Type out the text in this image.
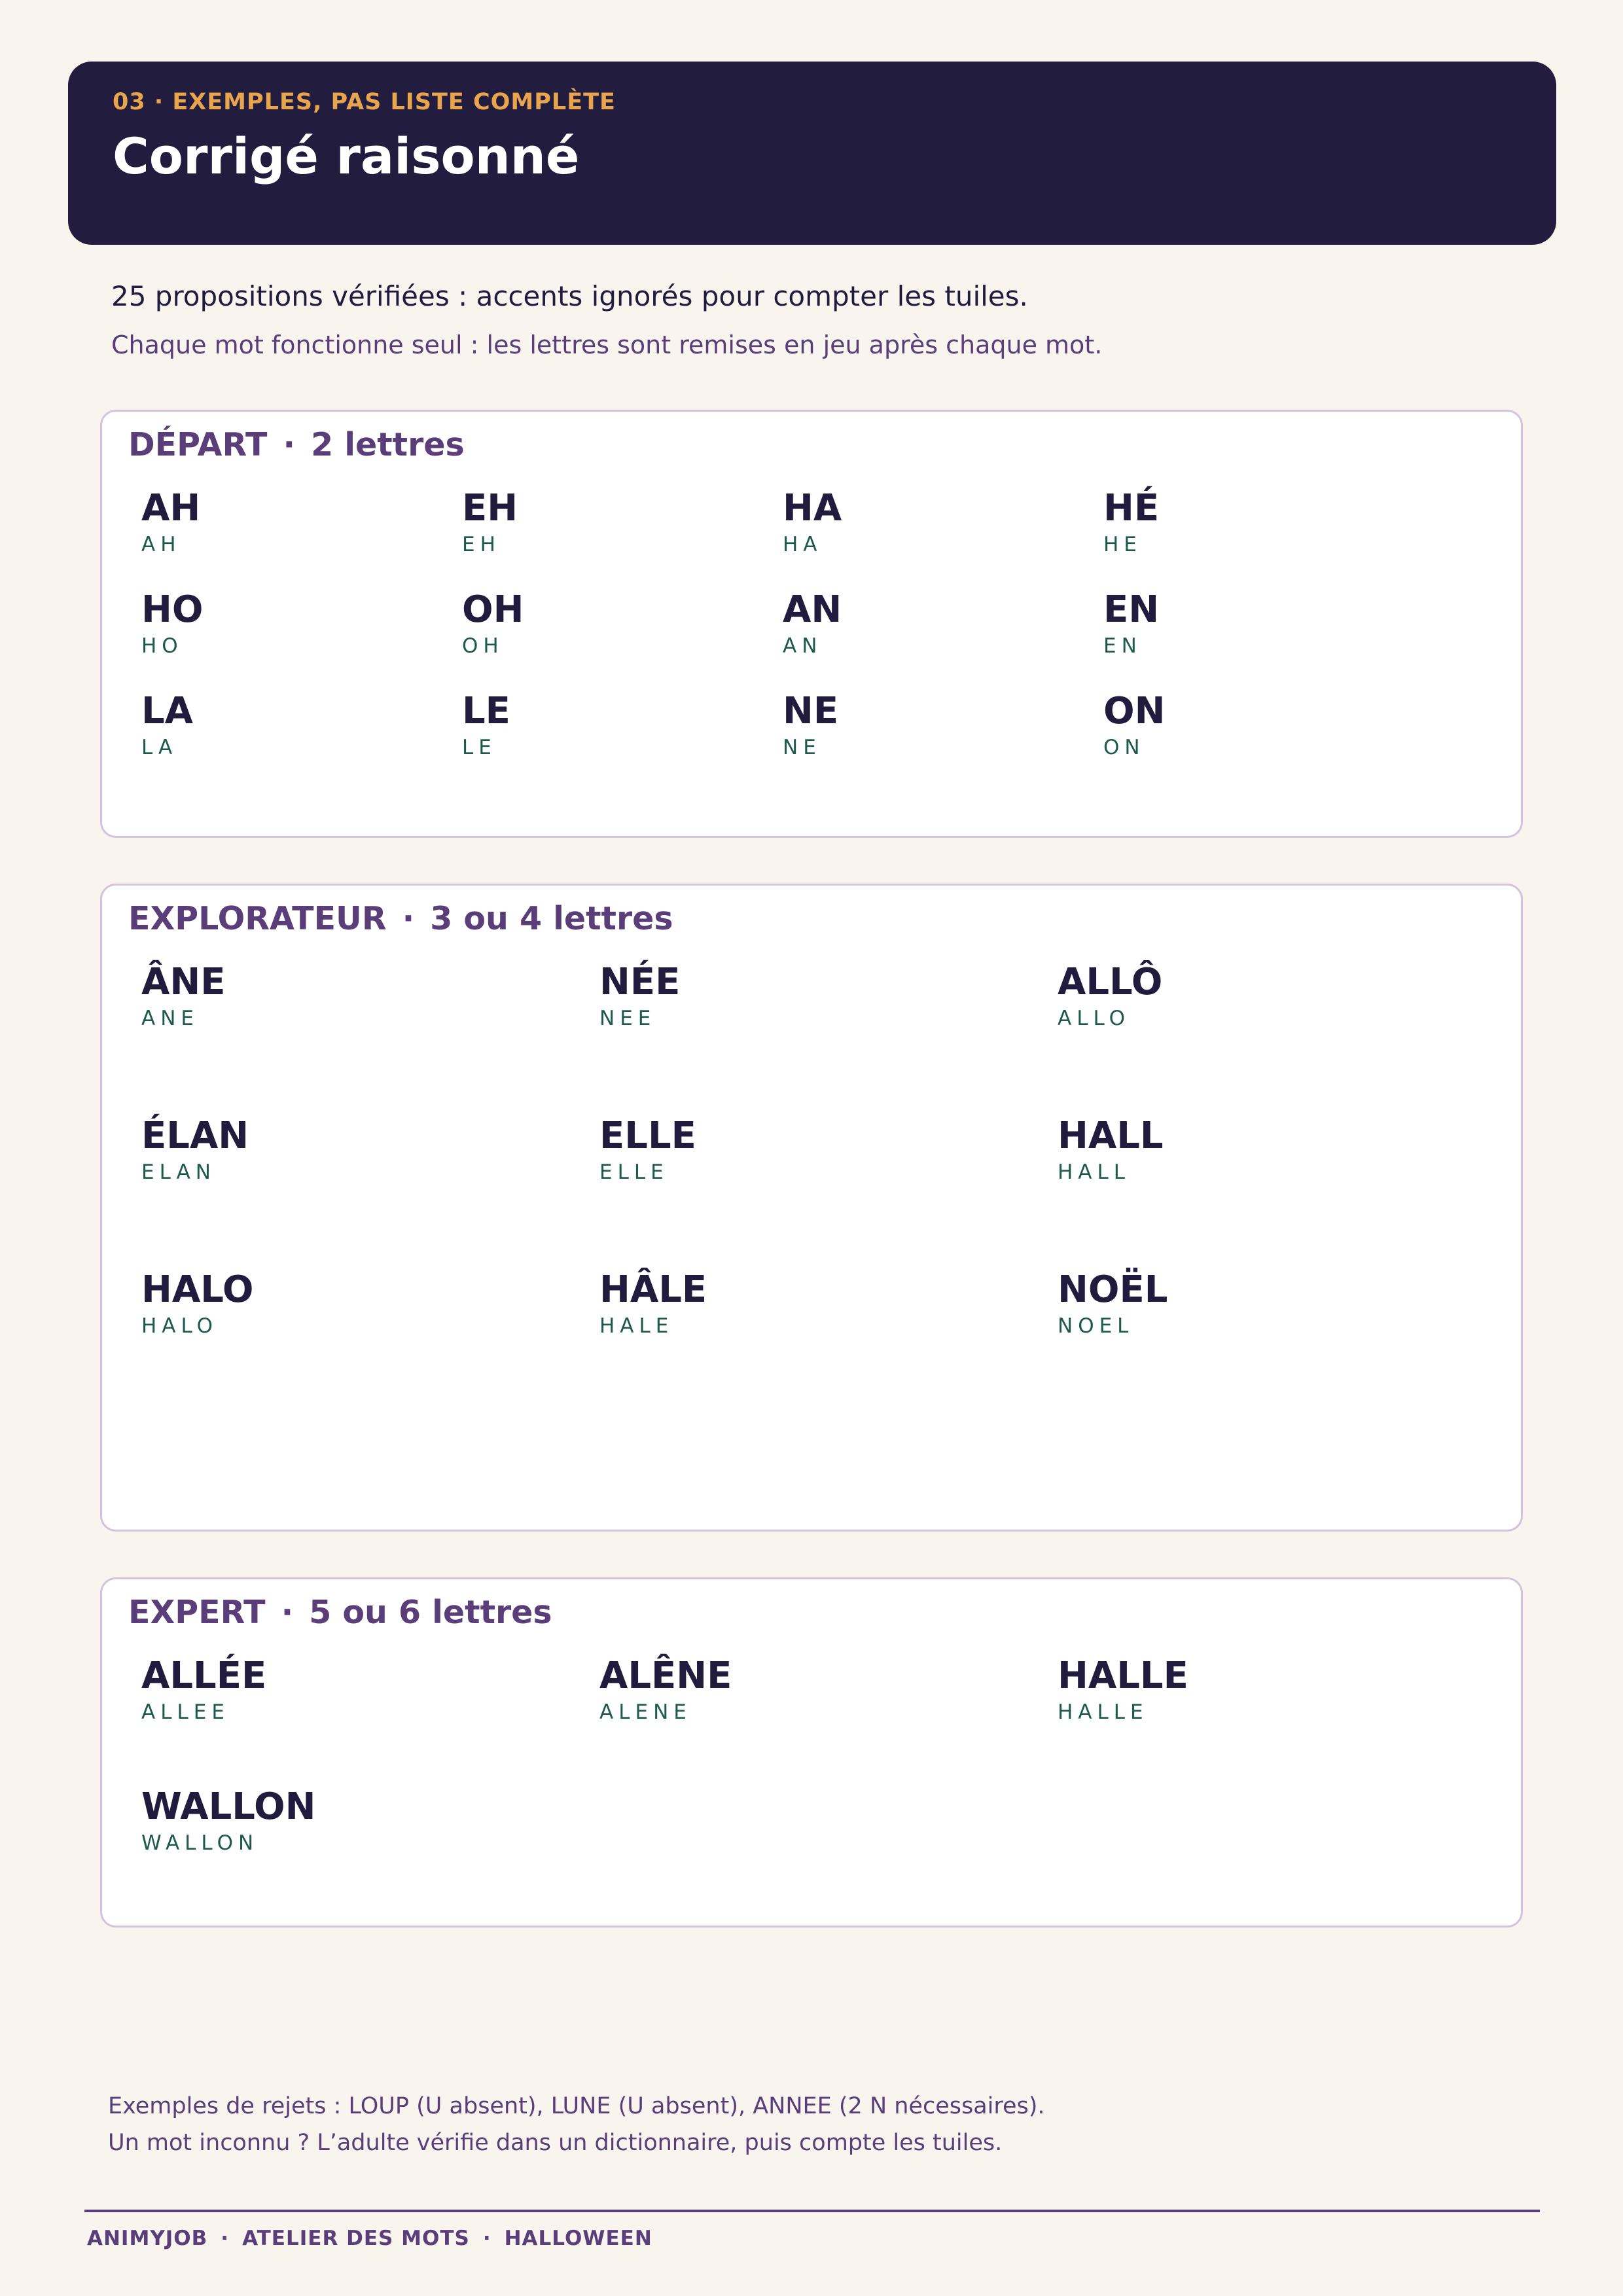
03 · EXEMPLES, PAS LISTE COMPLÈTE
Corrigé raisonné
25 propositions vérifiées : accents ignorés pour compter les tuiles.
Chaque mot fonctionne seul : les lettres sont remises en jeu après chaque mot.
DÉPART · 2 lettres
AH
AH
EH
EH
HA
HA
HÉ
HE
HO
HO
OH
OH
AN
AN
EN
EN
LA
LA
LE
LE
NE
NE
ON
ON
EXPLORATEUR · 3 ou 4 lettres
ÂNE
ANE
NÉE
NEE
ALLÔ
ALLO
ÉLAN
ELAN
ELLE
ELLE
HALL
HALL
HALO
HALO
HÂLE
HALE
NOËL
NOEL
EXPERT · 5 ou 6 lettres
ALLÉE
ALLEE
ALÊNE
ALENE
HALLE
HALLE
WALLON
WALLON
Exemples de rejets : LOUP (U absent), LUNE (U absent), ANNEE (2 N nécessaires).
Un mot inconnu ? L’adulte vérifie dans un dictionnaire, puis compte les tuiles.
ANIMYJOB · ATELIER DES MOTS · HALLOWEEN
